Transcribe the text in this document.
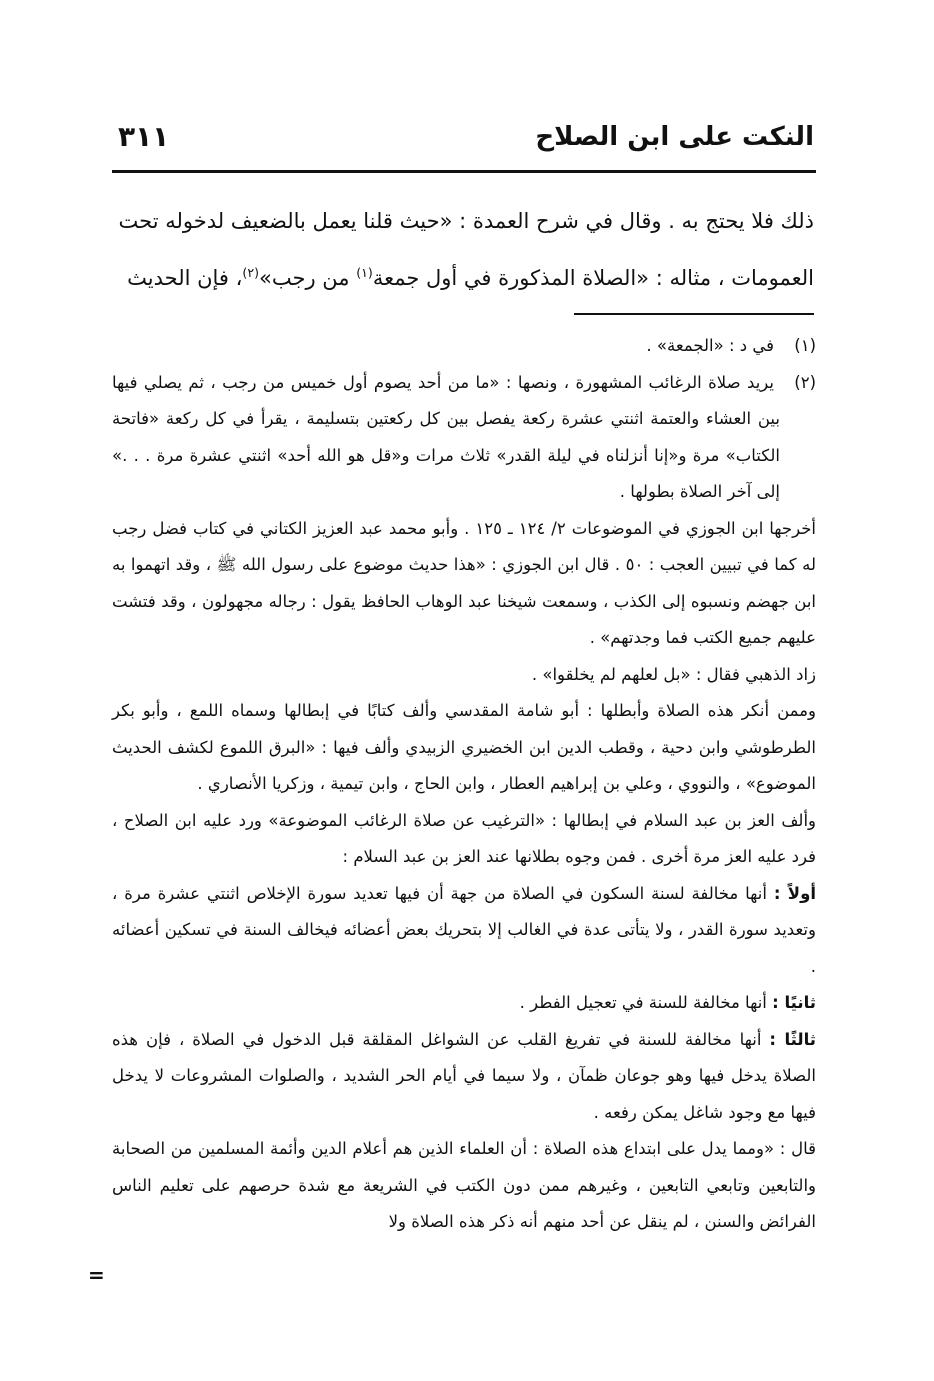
النكت على ابن الصلاح
٣١١

ذلك فلا يحتج به . وقال في شرح العمدة : «حيث قلنا يعمل بالضعيف لدخوله تحت

العمومات ، مثاله : «الصلاة المذكورة في أول جمعة$^{(١)}$ من رجب»$^{(٢)}$، فإن الحديث

(١)في د : «الجمعة» .

(٢)يريد صلاة الرغائب المشهورة ، ونصها : «ما من أحد يصوم أول خميس من رجب ، ثم يصلي فيها بين العشاء والعتمة اثنتي عشرة ركعة يفصل بين كل ركعتين بتسليمة ، يقرأ في كل ركعة «فاتحة الكتاب» مرة و«إنا أنزلناه في ليلة القدر» ثلاث مرات و«قل هو الله أحد» اثنتي عشرة مرة . . .» إلى آخر الصلاة بطولها .

أخرجها ابن الجوزي في الموضوعات ٢/ ١٢٤ ـ ١٢٥ . وأبو محمد عبد العزيز الكتاني في كتاب فضل رجب له كما في تبيين العجب : ٥٠ . قال ابن الجوزي : «هذا حديث موضوع على رسول الله ﷺ ، وقد اتهموا به ابن جهضم ونسبوه إلى الكذب ، وسمعت شيخنا عبد الوهاب الحافظ يقول : رجاله مجهولون ، وقد فتشت عليهم جميع الكتب فما وجدتهم» .

زاد الذهبي فقال : «بل لعلهم لم يخلقوا» .

وممن أنكر هذه الصلاة وأبطلها : أبو شامة المقدسي وألف كتابًا في إبطالها وسماه اللمع ، وأبو بكر الطرطوشي وابن دحية ، وقطب الدين ابن الخضيري الزبيدي وألف فيها : «البرق اللموع لكشف الحديث الموضوع» ، والنووي ، وعلي بن إبراهيم العطار ، وابن الحاج ، وابن تيمية ، وزكريا الأنصاري .

وألف العز بن عبد السلام في إبطالها : «الترغيب عن صلاة الرغائب الموضوعة» ورد عليه ابن الصلاح ، فرد عليه العز مرة أخرى . فمن وجوه بطلانها عند العز بن عبد السلام :

أولاً : أنها مخالفة لسنة السكون في الصلاة من جهة أن فيها تعديد سورة الإخلاص اثنتي عشرة مرة ، وتعديد سورة القدر ، ولا يتأتى عدة في الغالب إلا بتحريك بعض أعضائه فيخالف السنة في تسكين أعضائه .

ثانيًا : أنها مخالفة للسنة في تعجيل الفطر .

ثالثًا : أنها مخالفة للسنة في تفريغ القلب عن الشواغل المقلقة قبل الدخول في الصلاة ، فإن هذه الصلاة يدخل فيها وهو جوعان ظمآن ، ولا سيما في أيام الحر الشديد ، والصلوات المشروعات لا يدخل فيها مع وجود شاغل يمكن رفعه .

قال : «ومما يدل على ابتداع هذه الصلاة : أن العلماء الذين هم أعلام الدين وأئمة المسلمين من الصحابة والتابعين وتابعي التابعين ، وغيرهم ممن دون الكتب في الشريعة مع شدة حرصهم على تعليم الناس الفرائض والسنن ، لم ينقل عن أحد منهم أنه ذكر هذه الصلاة ولا

=
